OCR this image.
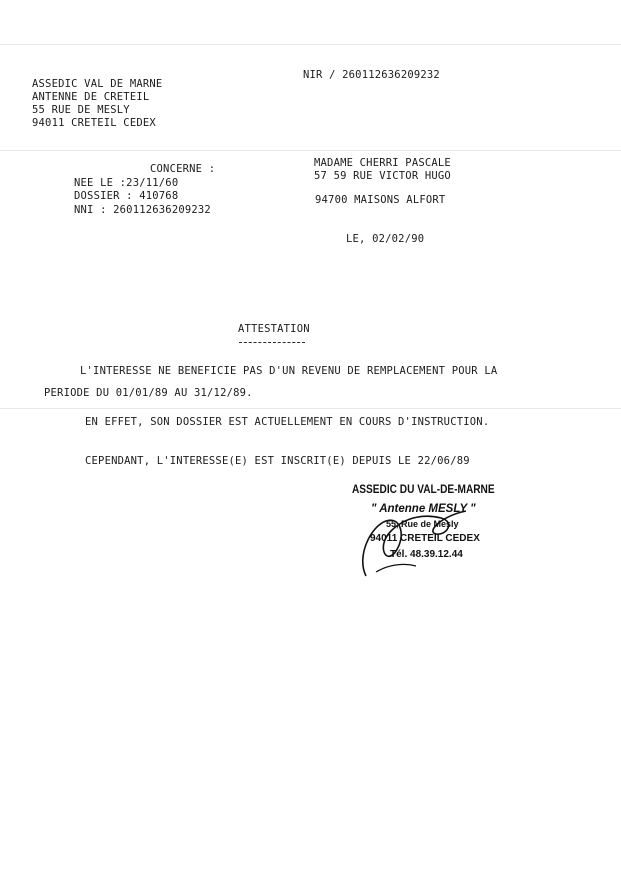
NIR / 260112636209232
ASSEDIC VAL DE MARNE
ANTENNE DE CRETEIL
55 RUE DE MESLY
94011 CRETEIL CEDEX
CONCERNE :
NEE LE :23/11/60
DOSSIER : 410768
NNI : 260112636209232
MADAME CHERRI PASCALE
57 59 RUE VICTOR HUGO
94700 MAISONS ALFORT
LE, 02/02/90
ATTESTATION
L'INTERESSE NE BENEFICIE PAS D'UN REVENU DE REMPLACEMENT POUR LA
PERIODE DU 01/01/89 AU 31/12/89.
EN EFFET, SON DOSSIER EST ACTUELLEMENT EN COURS D'INSTRUCTION.
CEPENDANT, L'INTERESSE(E) EST INSCRIT(E) DEPUIS LE 22/06/89
ASSEDIC DU VAL-DE-MARNE
" Antenne MESLY "
55, Rue de Mesly
94011 CRETEIL CEDEX
Tél. 48.39.12.44
